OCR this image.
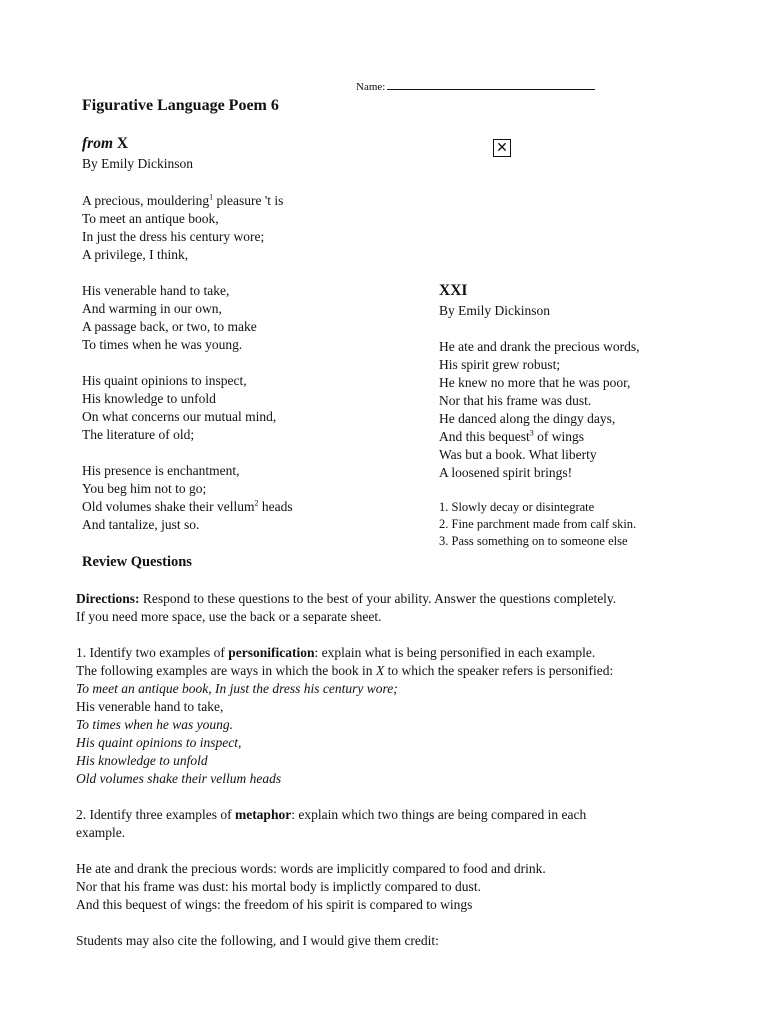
Name:
Figurative Language Poem 6
from X
By Emily Dickinson
✕
A precious, mouldering$^1$ pleasure 't is
To meet an antique book,
In just the dress his century wore;
A privilege, I think,
His venerable hand to take,
And warming in our own,
A passage back, or two, to make
To times when he was young.
His quaint opinions to inspect,
His knowledge to unfold
On what concerns our mutual mind,
The literature of old;
His presence is enchantment,
You beg him not to go;
Old volumes shake their vellum$^2$ heads
And tantalize, just so.
XXI
By Emily Dickinson
He ate and drank the precious words,
His spirit grew robust;
He knew no more that he was poor,
Nor that his frame was dust.
He danced along the dingy days,
And this bequest$^3$ of wings
Was but a book. What liberty
A loosened spirit brings!
1. Slowly decay or disintegrate
2. Fine parchment made from calf skin.
3. Pass something on to someone else
Review Questions
Directions: Respond to these questions to the best of your ability. Answer the questions completely.
If you need more space, use the back or a separate sheet.
1. Identify two examples of personification: explain what is being personified in each example.
The following examples are ways in which the book in X to which the speaker refers is personified:
To meet an antique book, In just the dress his century wore;
His venerable hand to take,
To times when he was young.
His quaint opinions to inspect,
His knowledge to unfold
Old volumes shake their vellum heads
2. Identify three examples of metaphor: explain which two things are being compared in each
example.
He ate and drank the precious words: words are implicitly compared to food and drink.
Nor that his frame was dust: his mortal body is implictly compared to dust.
And this bequest of wings: the freedom of his spirit is compared to wings
Students may also cite the following, and I would give them credit:
